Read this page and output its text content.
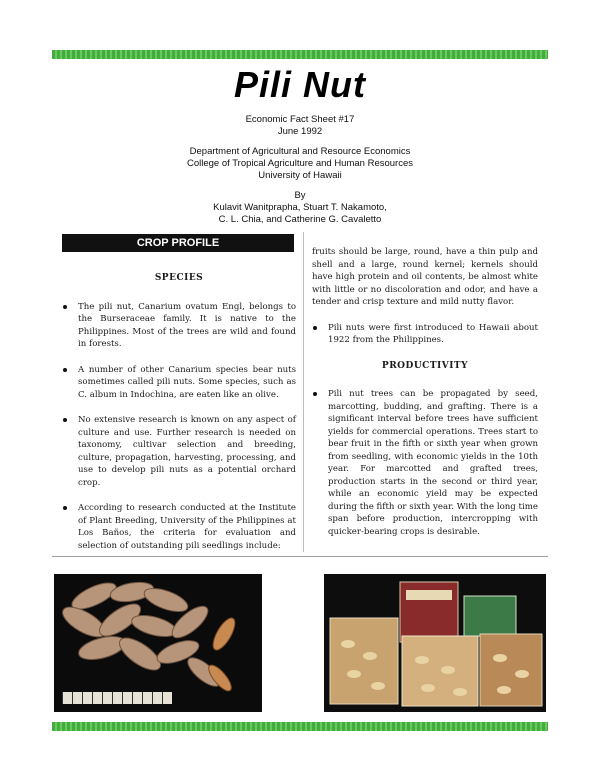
Pili Nut
Economic Fact Sheet #17
June 1992
Department of Agricultural and Resource Economics
College of Tropical Agriculture and Human Resources
University of Hawaii
By
Kulavit Wanitprapha, Stuart T. Nakamoto,
C. L. Chia, and Catherine G. Cavaletto
CROP PROFILE
SPECIES
The pili nut, Canarium ovatum Engl, belongs to the Burseraceae family. It is native to the Philippines. Most of the trees are wild and found in forests.
A number of other Canarium species bear nuts sometimes called pili nuts. Some species, such as C. album in Indochina, are eaten like an olive.
No extensive research is known on any aspect of culture and use. Further research is needed on taxonomy, cultivar selection and breeding, culture, propagation, harvesting, processing, and use to develop pili nuts as a potential orchard crop.
According to research conducted at the Institute of Plant Breeding, University of the Philippines at Los Baños, the criteria for evaluation and selection of outstanding pili seedlings include:
fruits should be large, round, have a thin pulp and shell and a large, round kernel; kernels should have high protein and oil contents, be almost white with little or no discoloration and odor, and have a tender and crisp texture and mild nutty flavor.
Pili nuts were first introduced to Hawaii about 1922 from the Philippines.
PRODUCTIVITY
Pili nut trees can be propagated by seed, marcotting, budding, and grafting. There is a significant interval before trees have sufficient yields for commercial operations. Trees start to bear fruit in the fifth or sixth year when grown from seedling, with economic yields in the 10th year. For marcotted and grafted trees, production starts in the second or third year, while an economic yield may be expected during the fifth or sixth year. With the long time span before production, intercropping with quicker-bearing crops is desirable.
